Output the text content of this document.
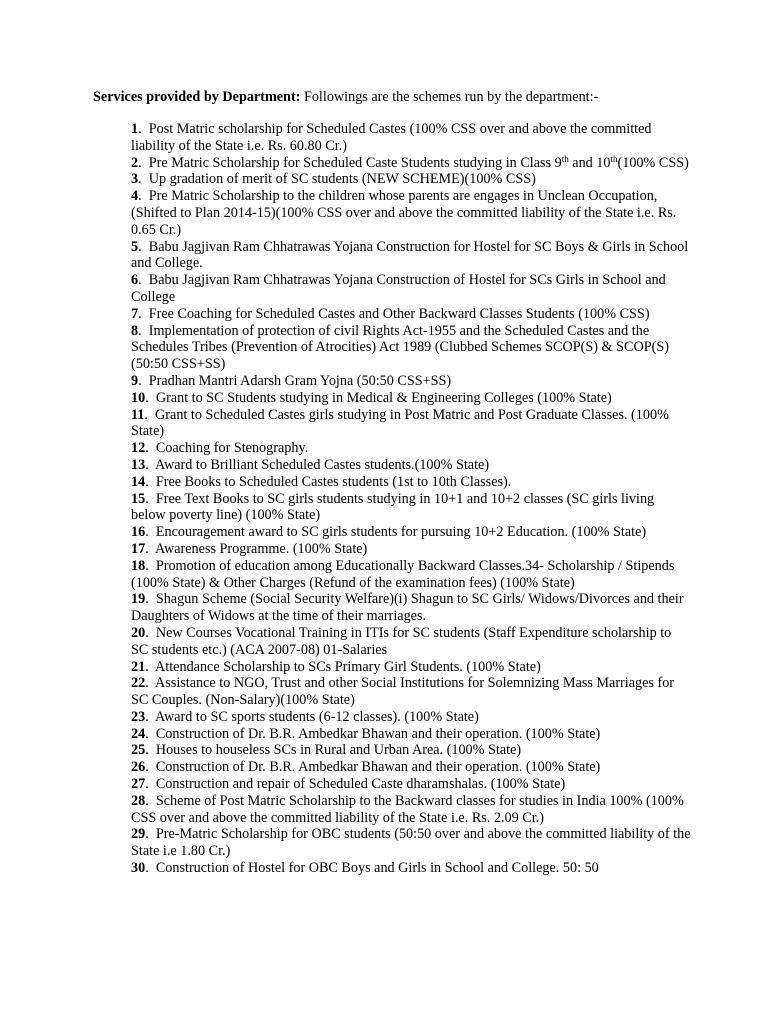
Services provided by Department: Followings are the schemes run by the department:-

1.  Post Matric scholarship for Scheduled Castes (100% CSS over and above the committed liability of the State i.e. Rs. 60.80 Cr.)

2.  Pre Matric Scholarship for Scheduled Caste Students studying in Class 9th and 10th(100% CSS)

3.  Up gradation of merit of SC students (NEW SCHEME)(100% CSS)

4.  Pre Matric Scholarship to the children whose parents are engages in Unclean Occupation, (Shifted to Plan 2014-15)(100% CSS over and above the committed liability of the State i.e. Rs. 0.65 Cr.)

5.  Babu Jagjivan Ram Chhatrawas Yojana Construction for Hostel for SC Boys & Girls in School and College.

6.  Babu Jagjivan Ram Chhatrawas Yojana Construction of Hostel for SCs Girls in School and College

7.  Free Coaching for Scheduled Castes and Other Backward Classes Students (100% CSS)

8.  Implementation of protection of civil Rights Act-1955 and the Scheduled Castes and the Schedules Tribes (Prevention of Atrocities) Act 1989 (Clubbed Schemes SCOP(S) & SCOP(S)(50:50 CSS+SS)

9.  Pradhan Mantri Adarsh Gram Yojna (50:50 CSS+SS)

10.  Grant to SC Students studying in Medical & Engineering Colleges (100% State)

11.  Grant to Scheduled Castes girls studying in Post Matric and Post Graduate Classes. (100% State)

12.  Coaching for Stenography.

13.  Award to Brilliant Scheduled Castes students.(100% State)

14.  Free Books to Scheduled Castes students (1st to 10th Classes).

15.  Free Text Books to SC girls students studying in 10+1 and 10+2 classes (SC girls living below poverty line) (100% State)

16.  Encouragement award to SC girls students for pursuing 10+2 Education. (100% State)

17.  Awareness Programme. (100% State)

18.  Promotion of education among Educationally Backward Classes.34- Scholarship / Stipends (100% State) & Other Charges (Refund of the examination fees) (100% State)

19.  Shagun Scheme (Social Security Welfare)(i) Shagun to SC Girls/ Widows/Divorces and their Daughters of Widows at the time of their marriages.

20.  New Courses Vocational Training in ITIs for SC students (Staff Expenditure scholarship to SC students etc.) (ACA 2007-08) 01-Salaries

21.  Attendance Scholarship to SCs Primary Girl Students. (100% State)

22.  Assistance to NGO, Trust and other Social Institutions for Solemnizing Mass Marriages for SC Couples. (Non-Salary)(100% State)

23.  Award to SC sports students (6-12 classes). (100% State)

24.  Construction of Dr. B.R. Ambedkar Bhawan and their operation. (100% State)

25.  Houses to houseless SCs in Rural and Urban Area. (100% State)

26.  Construction of Dr. B.R. Ambedkar Bhawan and their operation. (100% State)

27.  Construction and repair of Scheduled Caste dharamshalas. (100% State)

28.  Scheme of Post Matric Scholarship to the Backward classes for studies in India 100% (100% CSS over and above the committed liability of the State i.e. Rs. 2.09 Cr.)

29.  Pre-Matric Scholarship for OBC students (50:50 over and above the committed liability of the State i.e 1.80 Cr.)

30.  Construction of Hostel for OBC Boys and Girls in School and College. 50: 50
